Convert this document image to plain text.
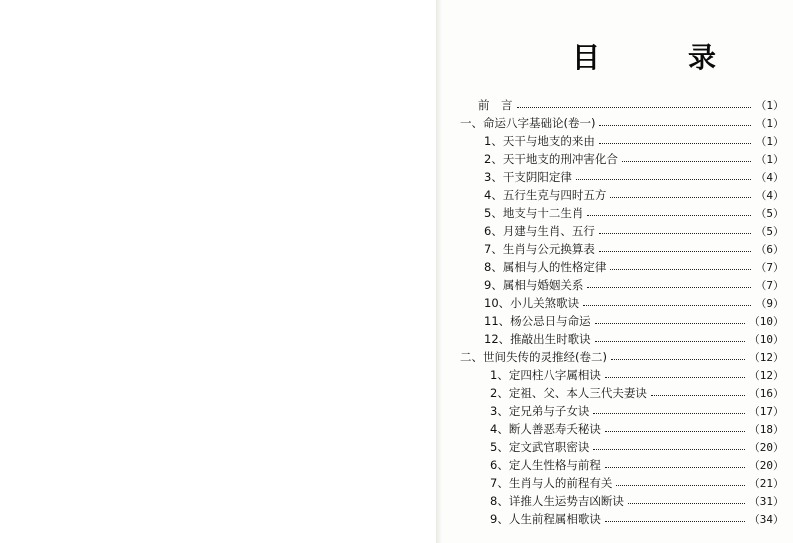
目　录
前　言	（1）
一、命运八字基础论(卷一)	（1）
1、天干与地支的来由	（1）
2、天干地支的刑冲害化合	（1）
3、干支阴阳定律	（4）
4、五行生克与四时五方	（4）
5、地支与十二生肖	（5）
6、月建与生肖、五行	（5）
7、生肖与公元换算表	（6）
8、属相与人的性格定律	（7）
9、属相与婚姻关系	（7）
10、小儿关煞歌诀	（9）
11、杨公忌日与命运	（10）
12、推敲出生时歌诀	（10）
二、世间失传的灵推经(卷二)	（12）
1、定四柱八字属相诀	（12）
2、定祖、父、本人三代夫妻诀	（16）
3、定兄弟与子女诀	（17）
4、断人善恶寿夭秘诀	（18）
5、定文武官职密诀	（20）
6、定人生性格与前程	（20）
7、生肖与人的前程有关	（21）
8、详推人生运势吉凶断诀	（31）
9、人生前程属相歌诀	（34）
